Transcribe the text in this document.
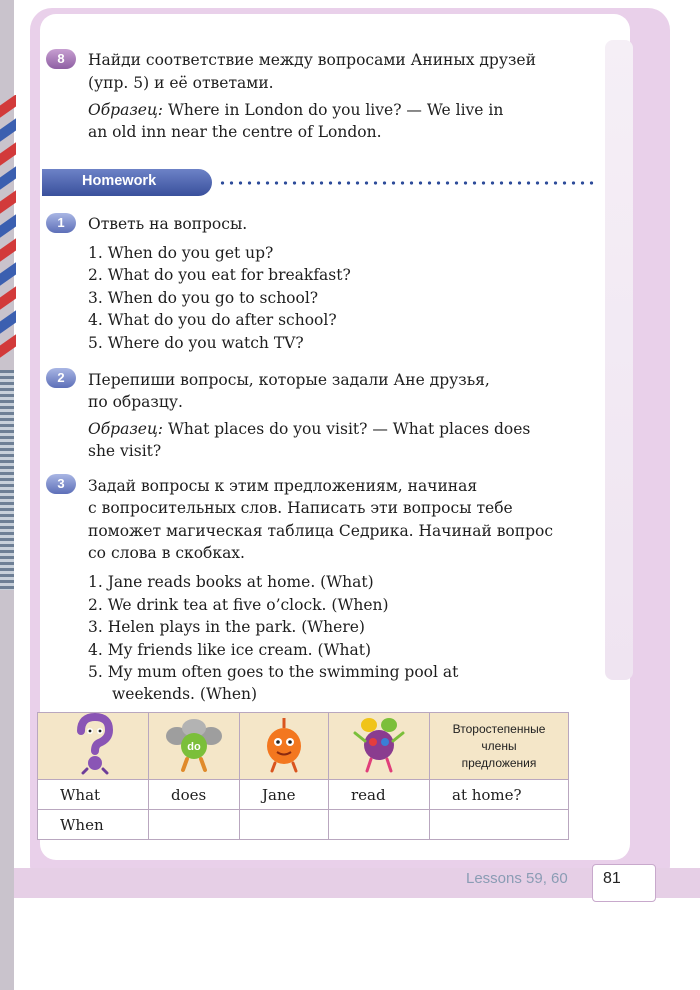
8	Найди соответствие между вопросами Аниных друзей
(упр. 5) и её ответами.
Образец: Where in London do you live? — We live in
an old inn near the centre of London.
Homework
1	Ответь на вопросы.
1. When do you get up?
2. What do you eat for breakfast?
3. When do you go to school?
4. What do you do after school?
5. Where do you watch TV?
2	Перепиши вопросы, которые задали Ане друзья,
по образцу.
Образец: What places do you visit? — What places does
she visit?
3	Задай вопросы к этим предложениям, начиная
с вопросительных слов. Написать эти вопросы тебе
поможет магическая таблица Седрика. Начинай вопрос
со слова в скобках.
1. Jane reads books at home. (What)
2. We drink tea at five o’clock. (When)
3. Helen plays in the park. (Where)
4. My friends like ice cream. (What)
5. My mum often goes to the swimming pool at
weekends. (When)

do			Второстепенные
члены
предложения

What	does	Jane	read	at home?
When				
Lessons 59, 60 81
